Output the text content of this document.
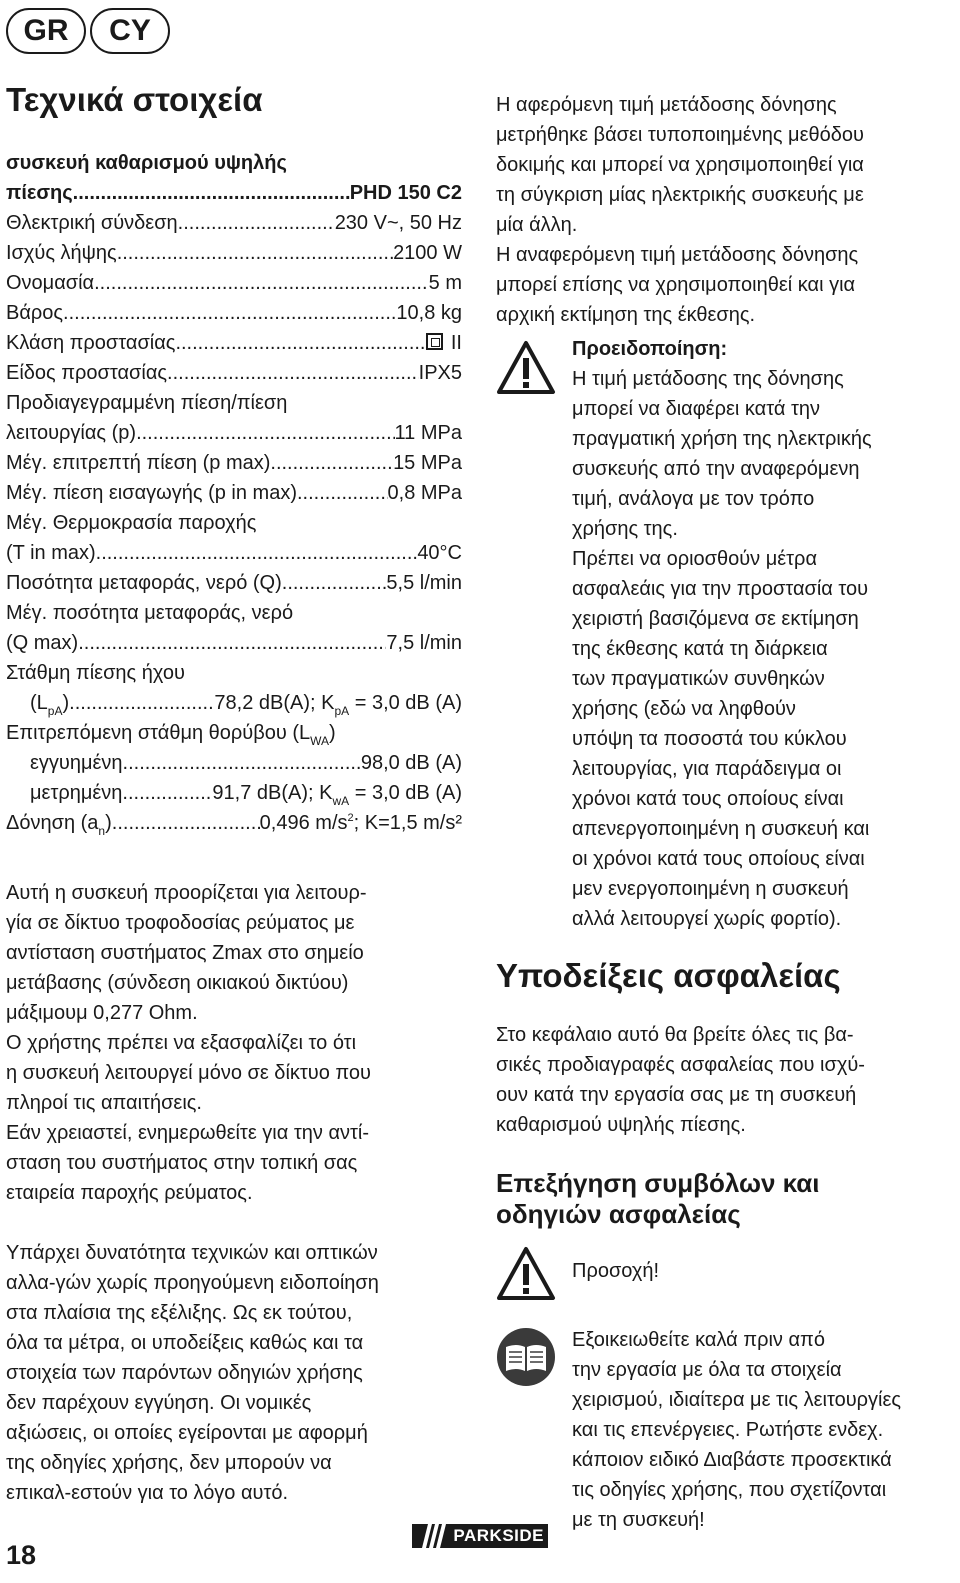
GR	CY
Τεχνικά στοιχεία
συσκευή καθαρισμού υψηλής
πίεσης .....	PHD 150 C2
Θλεκτρική σύνδεση .....	230 V~, 50 Hz
Ισχύς λήψης .....	2100 W
Ονομασία .....	5 m
Βάρος .....	10,8 kg
Κλάση προστασίας .....	II
Είδος προστασίας .....	IPX5
Προδιαγεγραμμένη πίεση/πίεση
λειτουργίας (p) .....	11 MPa
Μέγ. επιτρεπτή πίεση (p max) .....	15 MPa
Μέγ. πίεση εισαγωγής (p in max) .....	0,8 MPa
Μέγ. Θερμοκρασία παροχής
(T in max) .....	40°C
Ποσότητα μεταφοράς, νερό (Q) .....	5,5 l/min
Μέγ. ποσότητα μεταφοράς, νερό
(Q max) .....	7,5 l/min
Στάθμη πίεσης ήχου
$(L_{pA})$ .....	78,2 dB(A); $K_{pA} = 3,0$ dB (A)
Επιτρεπόμενη στάθμη θορύβου $(L_{WA})$
εγγυημένη .....	98,0 dB (A)
μετρημένη. .....	91,7 dB(A); $K_{wA} = 3,0$ dB (A)
Δόνηση $(a_n)$ .....	0,496 $m/s^2$; K=1,5 m/s²

Αυτή η συσκευή προορίζεται για λειτουρ-

γία σε δίκτυο τροφοδοσίας ρεύματος με

αντίσταση συστήματος Zmax στο σημείο

μετάβασης (σύνδεση οικιακού δικτύου)

μάξιμουμ 0,277 Ohm.

Ο χρήστης πρέπει να εξασφαλίζει το ότι

η συσκευή λειτουργεί μόνο σε δίκτυο που

πληροί τις απαιτήσεις.

Εάν χρειαστεί, ενημερωθείτε για την αντί-

σταση του συστήματος στην τοπική σας

εταιρεία παροχής ρεύματος.

Υπάρχει δυνατότητα τεχνικών και οπτικών

αλλα-γών χωρίς προηγούμενη ειδοποίηση

στα πλαίσια της εξέλιξης. Ως εκ τούτου,

όλα τα μέτρα, οι υποδείξεις καθώς και τα

στοιχεία των παρόντων οδηγιών χρήσης

δεν παρέχουν εγγύηση. Οι νομικές

αξιώσεις, οι οποίες εγείρονται με αφορμή

της οδηγίες χρήσης, δεν μπορούν να

επικαλ-εστούν για το λόγο αυτό.

Η αφερόμενη τιμή μετάδοσης δόνησης

μετρήθηκε βάσει τυποποιημένης μεθόδου

δοκιμής και μπορεί να χρησιμοποιηθεί για

τη σύγκριση μίας ηλεκτρικής συσκευής με

μία άλλη.

Η αναφερόμενη τιμή μετάδοσης δόνησης

μπορεί επίσης να χρησιμοποιηθεί και για

αρχική εκτίμηση της έκθεσης.

Προειδοποίηση:

Η τιμή μετάδοσης της δόνησης

μπορεί να διαφέρει κατά την

πραγματική χρήση της ηλεκτρικής

συσκευής από την αναφερόμενη

τιμή, ανάλογα με τον τρόπο

χρήσης της.

Πρέπει να οριοσθούν μέτρα

ασφαλεάις για την προστασία του

χειριστή βασιζόμενα σε εκτίμηση

της έκθεσης κατά τη διάρκεια

των πραγματικών συνθηκών

χρήσης (εδώ να ληφθούν

υπόψη τα ποσοστά του κύκλου

λειτουργίας, για παράδειγμα οι

χρόνοι κατά τους οποίους είναι

απενεργοποιημένη η συσκευή και

οι χρόνοι κατά τους οποίους είναι

μεν ενεργοποιημένη η συσκευή

αλλά λειτουργεί χωρίς φορτίο).

Υποδείξεις ασφαλείας

Στο κεφάλαιο αυτό θα βρείτε όλες τις βα-

σικές προδιαγραφές ασφαλείας που ισχύ-

ουν κατά την εργασία σας με τη συσκευή

καθαρισμού υψηλής πίεσης.

Επεξήγηση συμβόλων και
οδηγιών ασφαλείας

Προσοχή!

Εξοικειωθείτε καλά πριν από

την εργασία με όλα τα στοιχεία

χειρισμού, ιδιαίτερα με τις λειτουργίες

και τις επενέργειες. Ρωτήστε ενδεχ.

κάποιον ειδικό Διαβάστε προσεκτικά

τις οδηγίες χρήσης, που σχετίζονται

με τη συσκευή!

18
PARKSIDE
